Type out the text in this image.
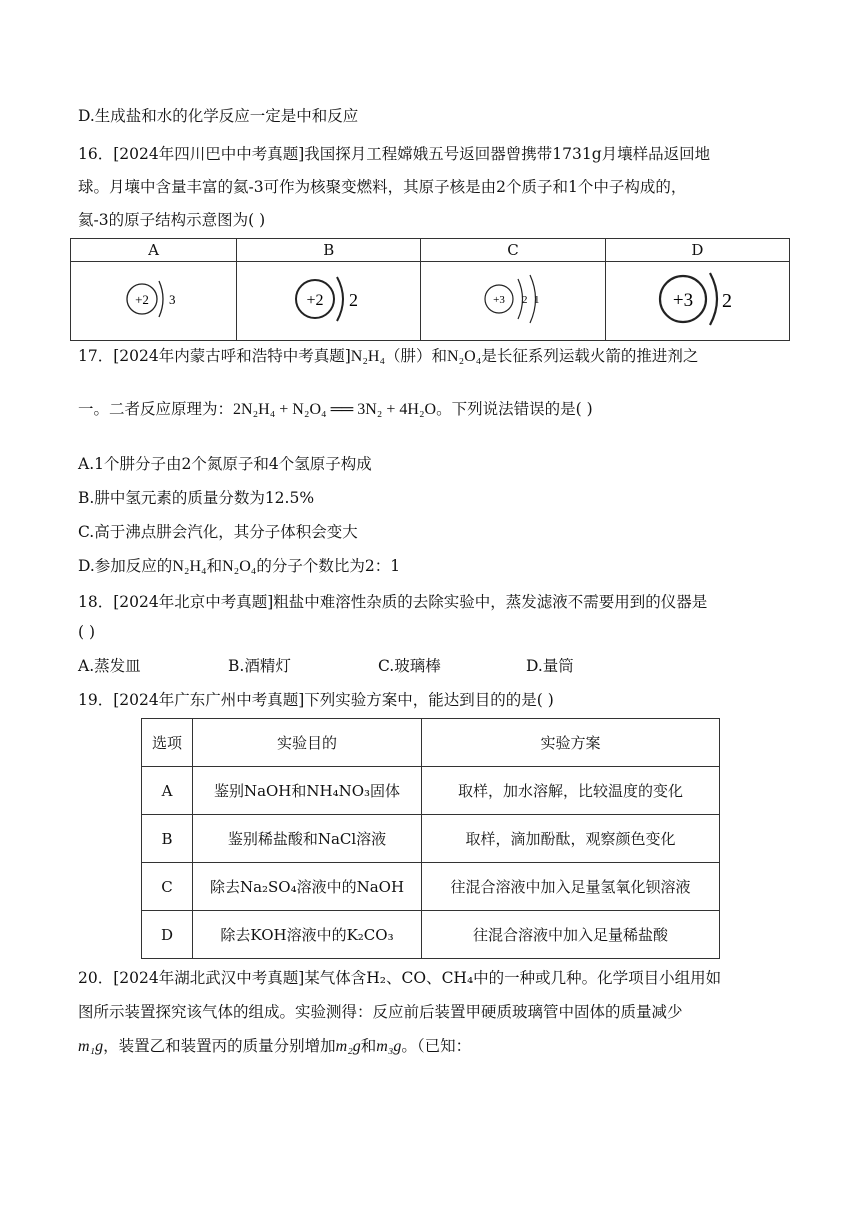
D.生成盐和水的化学反应一定是中和反应
16．[2024年四川巴中中考真题]我国探月工程嫦娥五号返回器曾携带1731g月壤样品返回地
球。月壤中含量丰富的氦-3可作为核聚变燃料，其原子核是由2个质子和1个中子构成的，
氦-3的原子结构示意图为( )
A	B	C	D

+2 3	+2 2	+3 2 1	+3 2
17．[2024年内蒙古呼和浩特中考真题]N₂H₄（肼）和N₂O₄是长征系列运载火箭的推进剂之
一。二者反应原理为：2N₂H₄ + N₂O₄ ══ 3N₂ + 4H₂O。下列说法错误的是( )
A.1个肼分子由2个氮原子和4个氢原子构成
B.肼中氢元素的质量分数为12.5%
C.高于沸点肼会汽化，其分子体积会变大
D.参加反应的N₂H₄和N₂O₄的分子个数比为2：1
18．[2024年北京中考真题]粗盐中难溶性杂质的去除实验中，蒸发滤液不需要用到的仪器是
( )
A.蒸发皿	B.酒精灯	C.玻璃棒	D.量筒
19．[2024年广东广州中考真题]下列实验方案中，能达到目的的是( )
选项	实验目的	实验方案
A	鉴别NaOH和NH₄NO₃固体	取样，加水溶解，比较温度的变化
B	鉴别稀盐酸和NaCl溶液	取样，滴加酚酞，观察颜色变化
C	除去Na₂SO₄溶液中的NaOH	往混合溶液中加入足量氢氧化钡溶液
D	除去KOH溶液中的K₂CO₃	往混合溶液中加入足量稀盐酸
20．[2024年湖北武汉中考真题]某气体含H₂、CO、CH₄中的一种或几种。化学项目小组用如
图所示装置探究该气体的组成。实验测得：反应前后装置甲硬质玻璃管中固体的质量减少
m₁g，装置乙和装置丙的质量分别增加m₂g和m₃g。（已知：
